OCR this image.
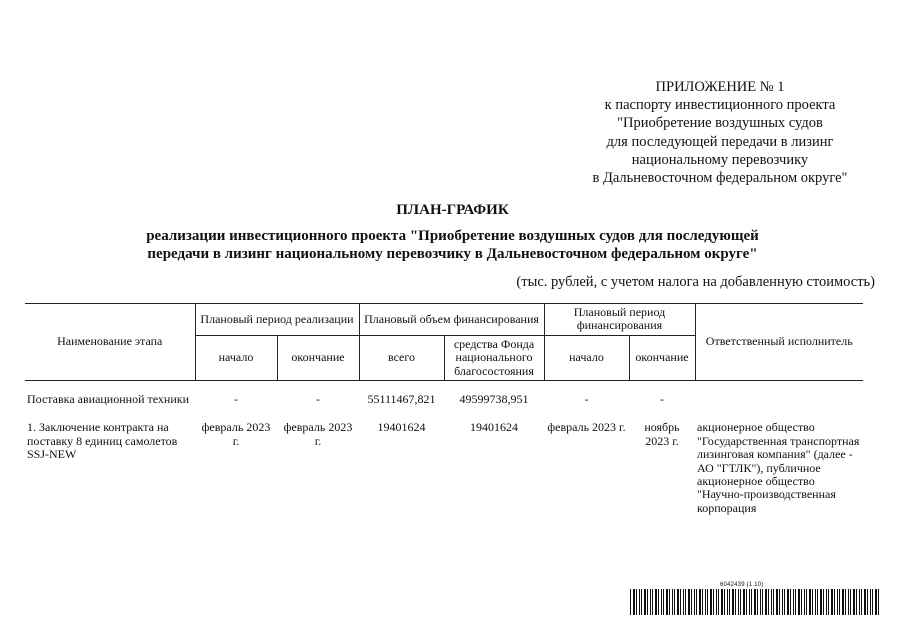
ПРИЛОЖЕНИЕ № 1
к паспорту инвестиционного проекта
"Приобретение воздушных судов
для последующей передачи в лизинг
национальному перевозчику
в Дальневосточном федеральном округе"
ПЛАН-ГРАФИК
реализации инвестиционного проекта "Приобретение воздушных судов для последующей
передачи в лизинг национальному перевозчику в Дальневосточном федеральном округе"
(тыс. рублей, с учетом налога на добавленную стоимость)
Наименование этапа	Плановый период реализации		Плановый объем финансирования		Плановый период финансирования		Ответственный исполнитель
	начало	окончание	всего	средства Фонда национального благосостояния	начало	окончание	

Поставка авиационной техники	-	-	55111467,821	49599738,951	-	-	

1. Заключение контракта на поставку 8 единиц самолетов SSJ-NEW	февраль 2023 г.	февраль 2023 г.	19401624	19401624	февраль 2023 г.	ноябрь 2023 г.	акционерное общество "Государственная транспортная лизинговая компания" (далее - АО "ГТЛК"), публичное акционерное общество "Научно-производственная корпорация
6042439 (1.10)
